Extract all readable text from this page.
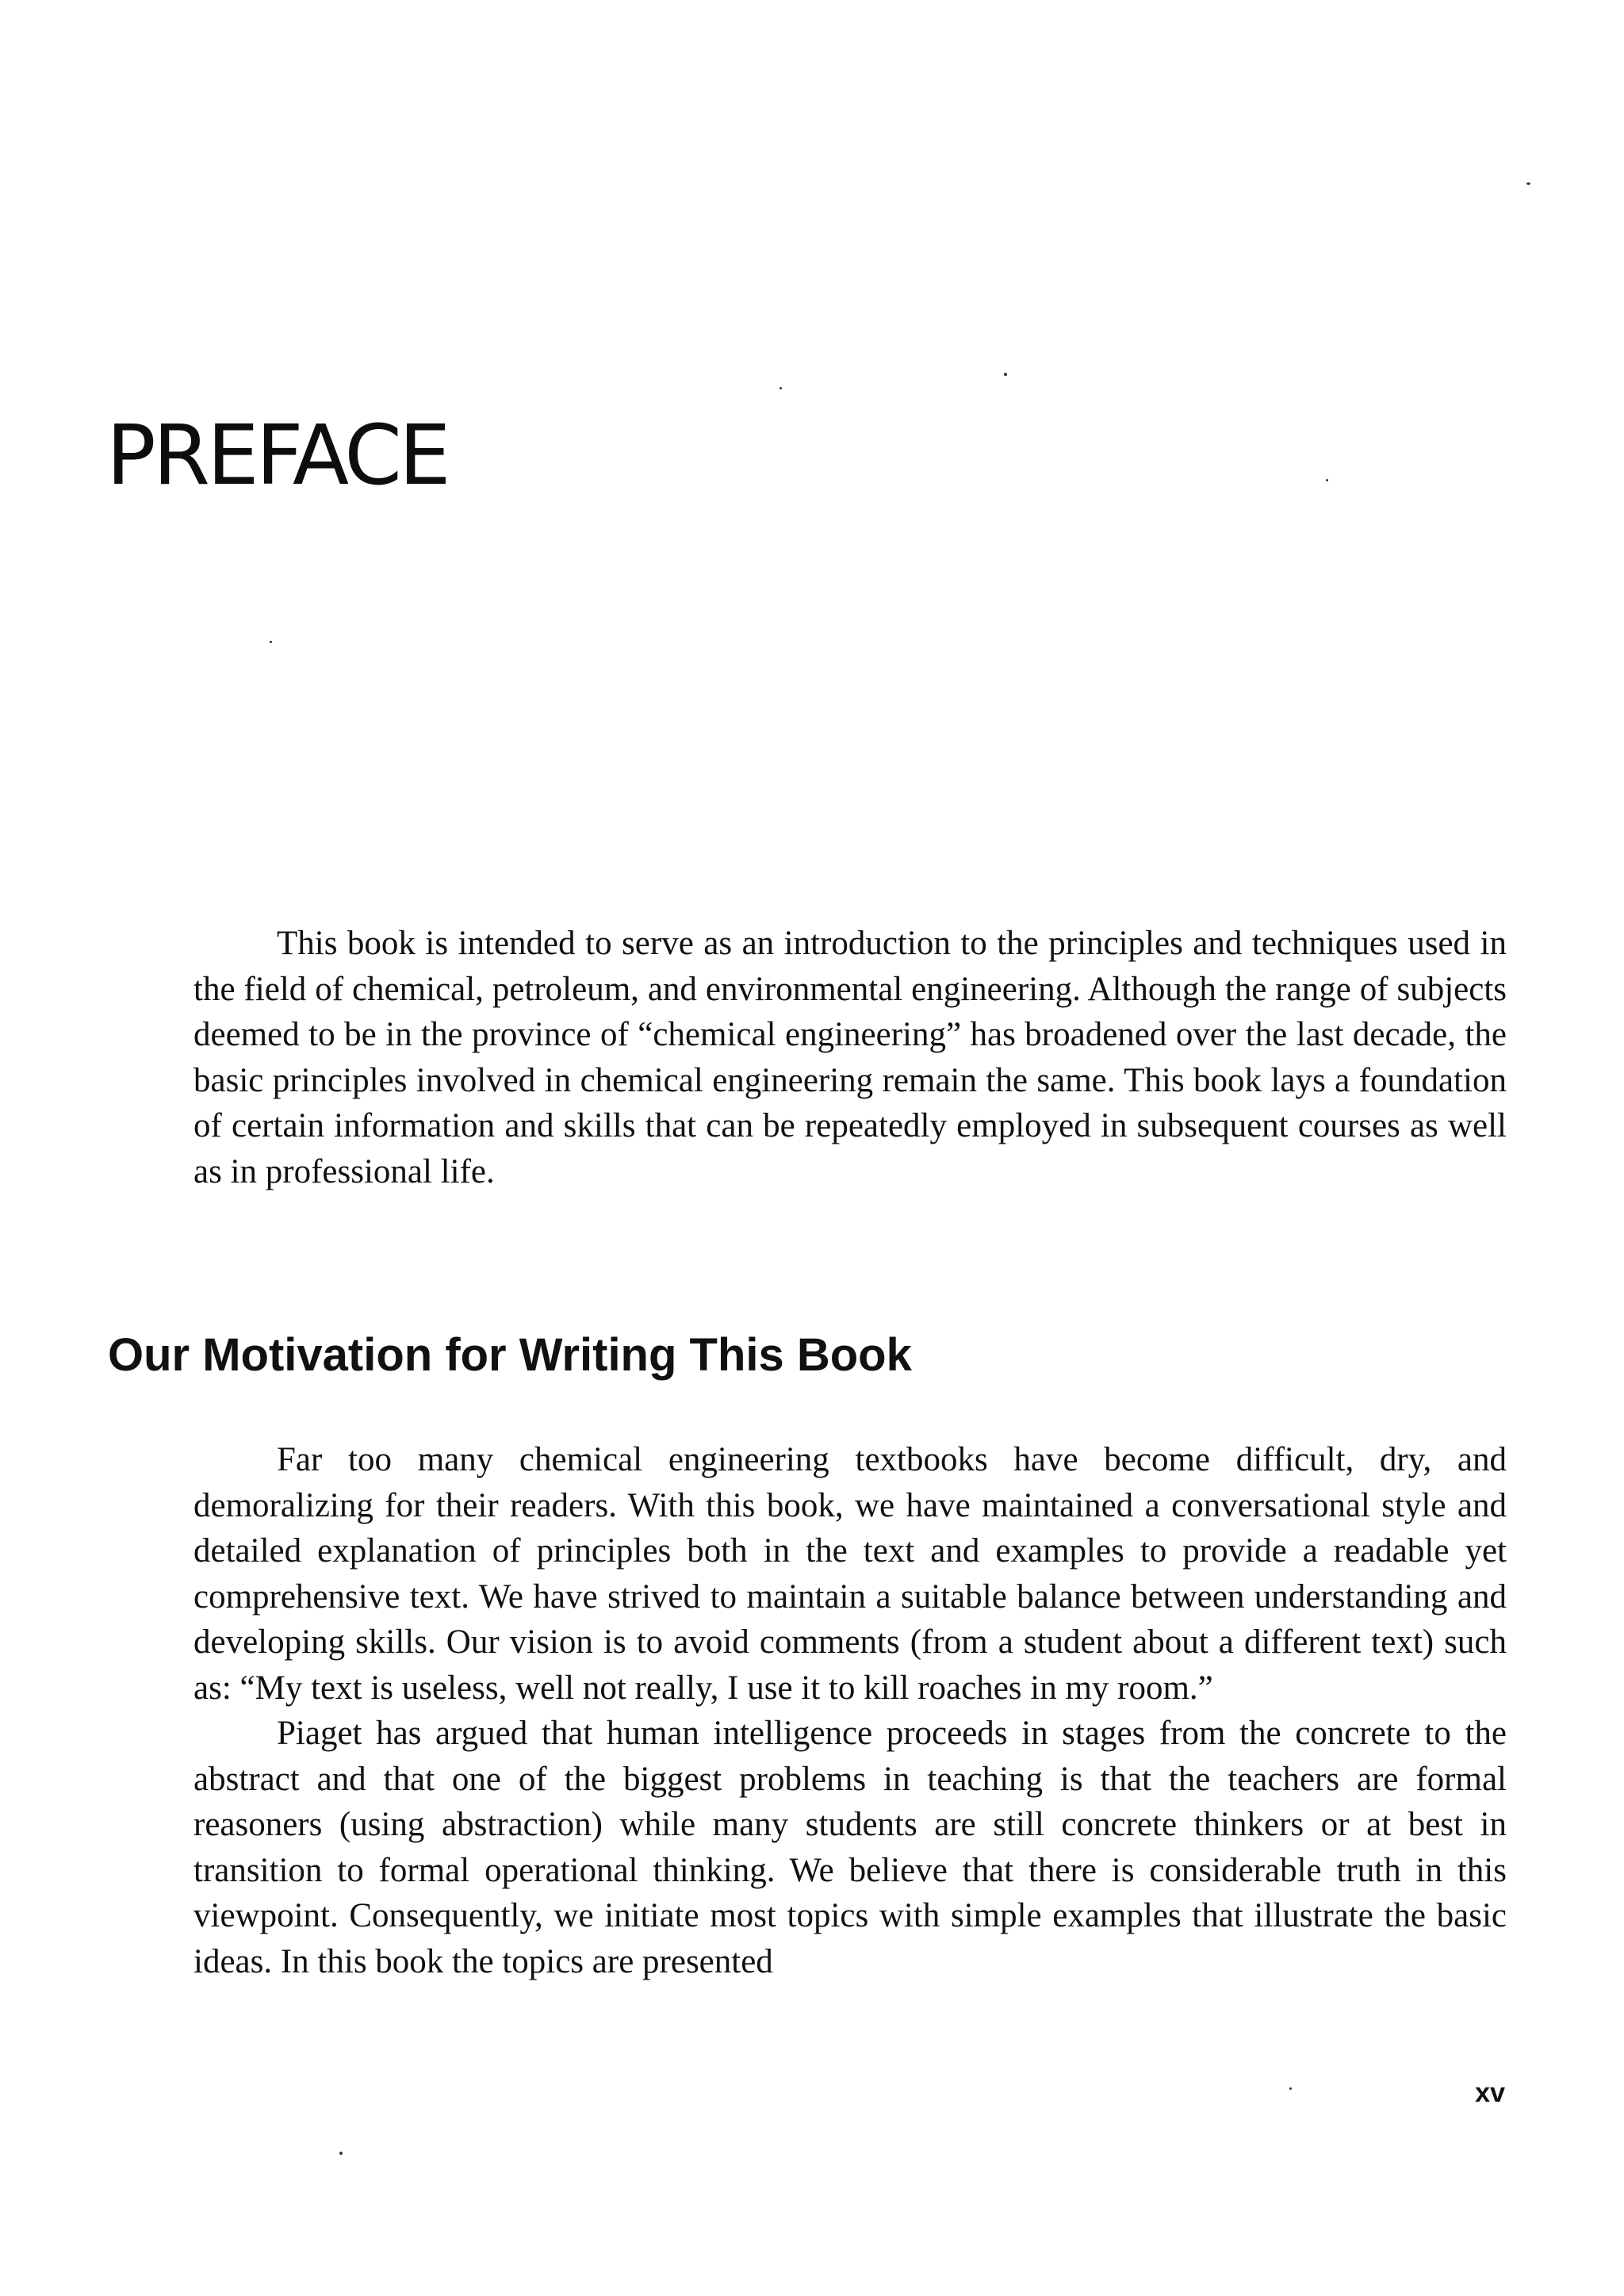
PREFACE

This book is intended to serve as an introduction to the principles and techniques used in the field of chemical, petroleum, and environmental engineering. Although the range of subjects deemed to be in the province of “chemical engineering” has broadened over the last decade, the basic principles involved in chemical engineering remain the same. This book lays a foundation of certain information and skills that can be repeatedly employed in subsequent courses as well as in professional life.

Our Motivation for Writing This Book

Far too many chemical engineering textbooks have become difficult, dry, and demoralizing for their readers. With this book, we have maintained a conversational style and detailed explanation of principles both in the text and examples to provide a readable yet comprehensive text. We have strived to maintain a suitable balance between understanding and developing skills. Our vision is to avoid comments (from a student about a different text) such as: “My text is useless, well not really, I use it to kill roaches in my room.”

Piaget has argued that human intelligence proceeds in stages from the concrete to the abstract and that one of the biggest problems in teaching is that the teachers are formal reasoners (using abstraction) while many students are still concrete thinkers or at best in transition to formal operational thinking. We believe that there is considerable truth in this viewpoint. Consequently, we initiate most topics with simple examples that illustrate the basic ideas. In this book the topics are presented

xv
